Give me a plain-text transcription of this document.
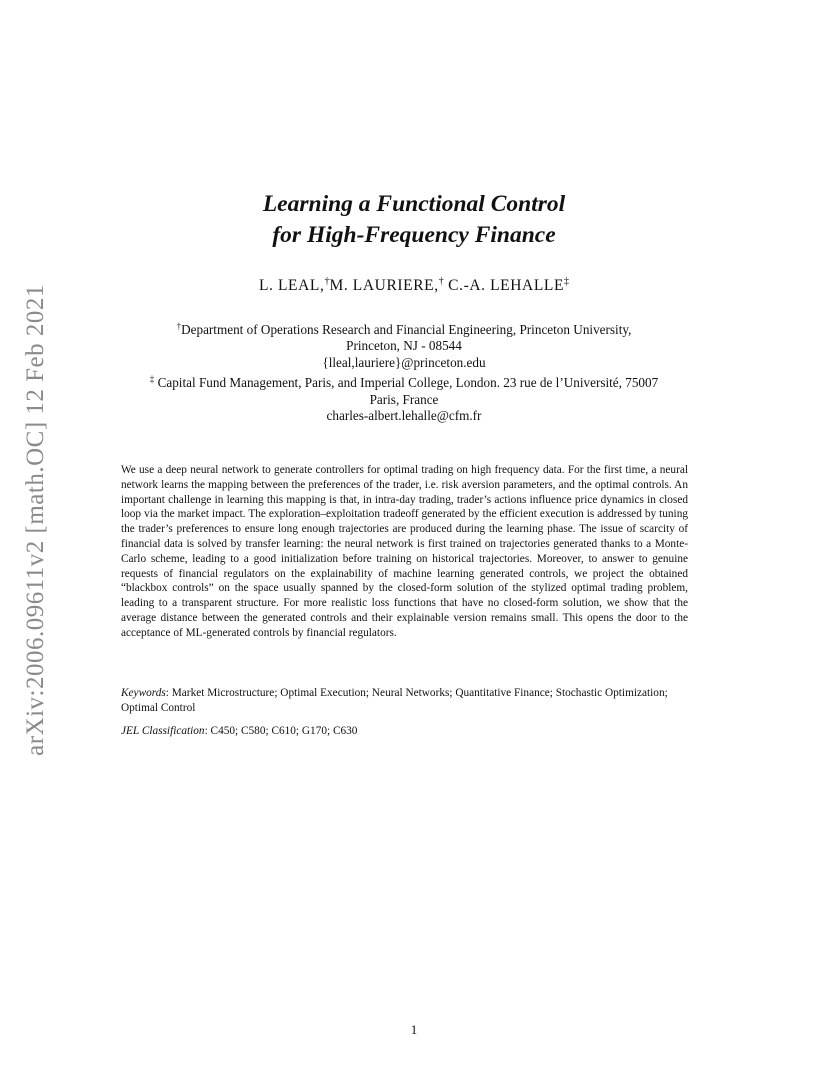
arXiv:2006.09611v2 [math.OC] 12 Feb 2021
Learning a Functional Control
for High-Frequency Finance
L. LEAL,†M. LAURIERE,† C.-A. LEHALLE‡
†Department of Operations Research and Financial Engineering, Princeton University,
Princeton, NJ - 08544
{lleal,lauriere}@princeton.edu
‡ Capital Fund Management, Paris, and Imperial College, London. 23 rue de l’Université, 75007
Paris, France
charles-albert.lehalle@cfm.fr
We use a deep neural network to generate controllers for optimal trading on high frequency data. For the first time, a neural network learns the mapping between the preferences of the trader, i.e. risk aversion parameters, and the optimal controls. An important challenge in learning this mapping is that, in intra-day trading, trader’s actions influence price dynamics in closed loop via the market impact. The exploration–exploitation tradeoff generated by the efficient execution is addressed by tuning the trader’s preferences to ensure long enough trajectories are produced during the learning phase. The issue of scarcity of financial data is solved by transfer learning: the neural network is first trained on trajectories generated thanks to a Monte-Carlo scheme, leading to a good initialization before training on historical trajectories. Moreover, to answer to genuine requests of financial regulators on the explainability of machine learning generated controls, we project the obtained “blackbox controls” on the space usually spanned by the closed-form solution of the stylized optimal trading problem, leading to a transparent structure. For more realistic loss functions that have no closed-form solution, we show that the average distance between the generated controls and their explainable version remains small. This opens the door to the acceptance of ML-generated controls by financial regulators.
Keywords: Market Microstructure; Optimal Execution; Neural Networks; Quantitative Finance; Stochastic Optimization; Optimal Control
JEL Classification: C450; C580; C610; G170; C630
1
